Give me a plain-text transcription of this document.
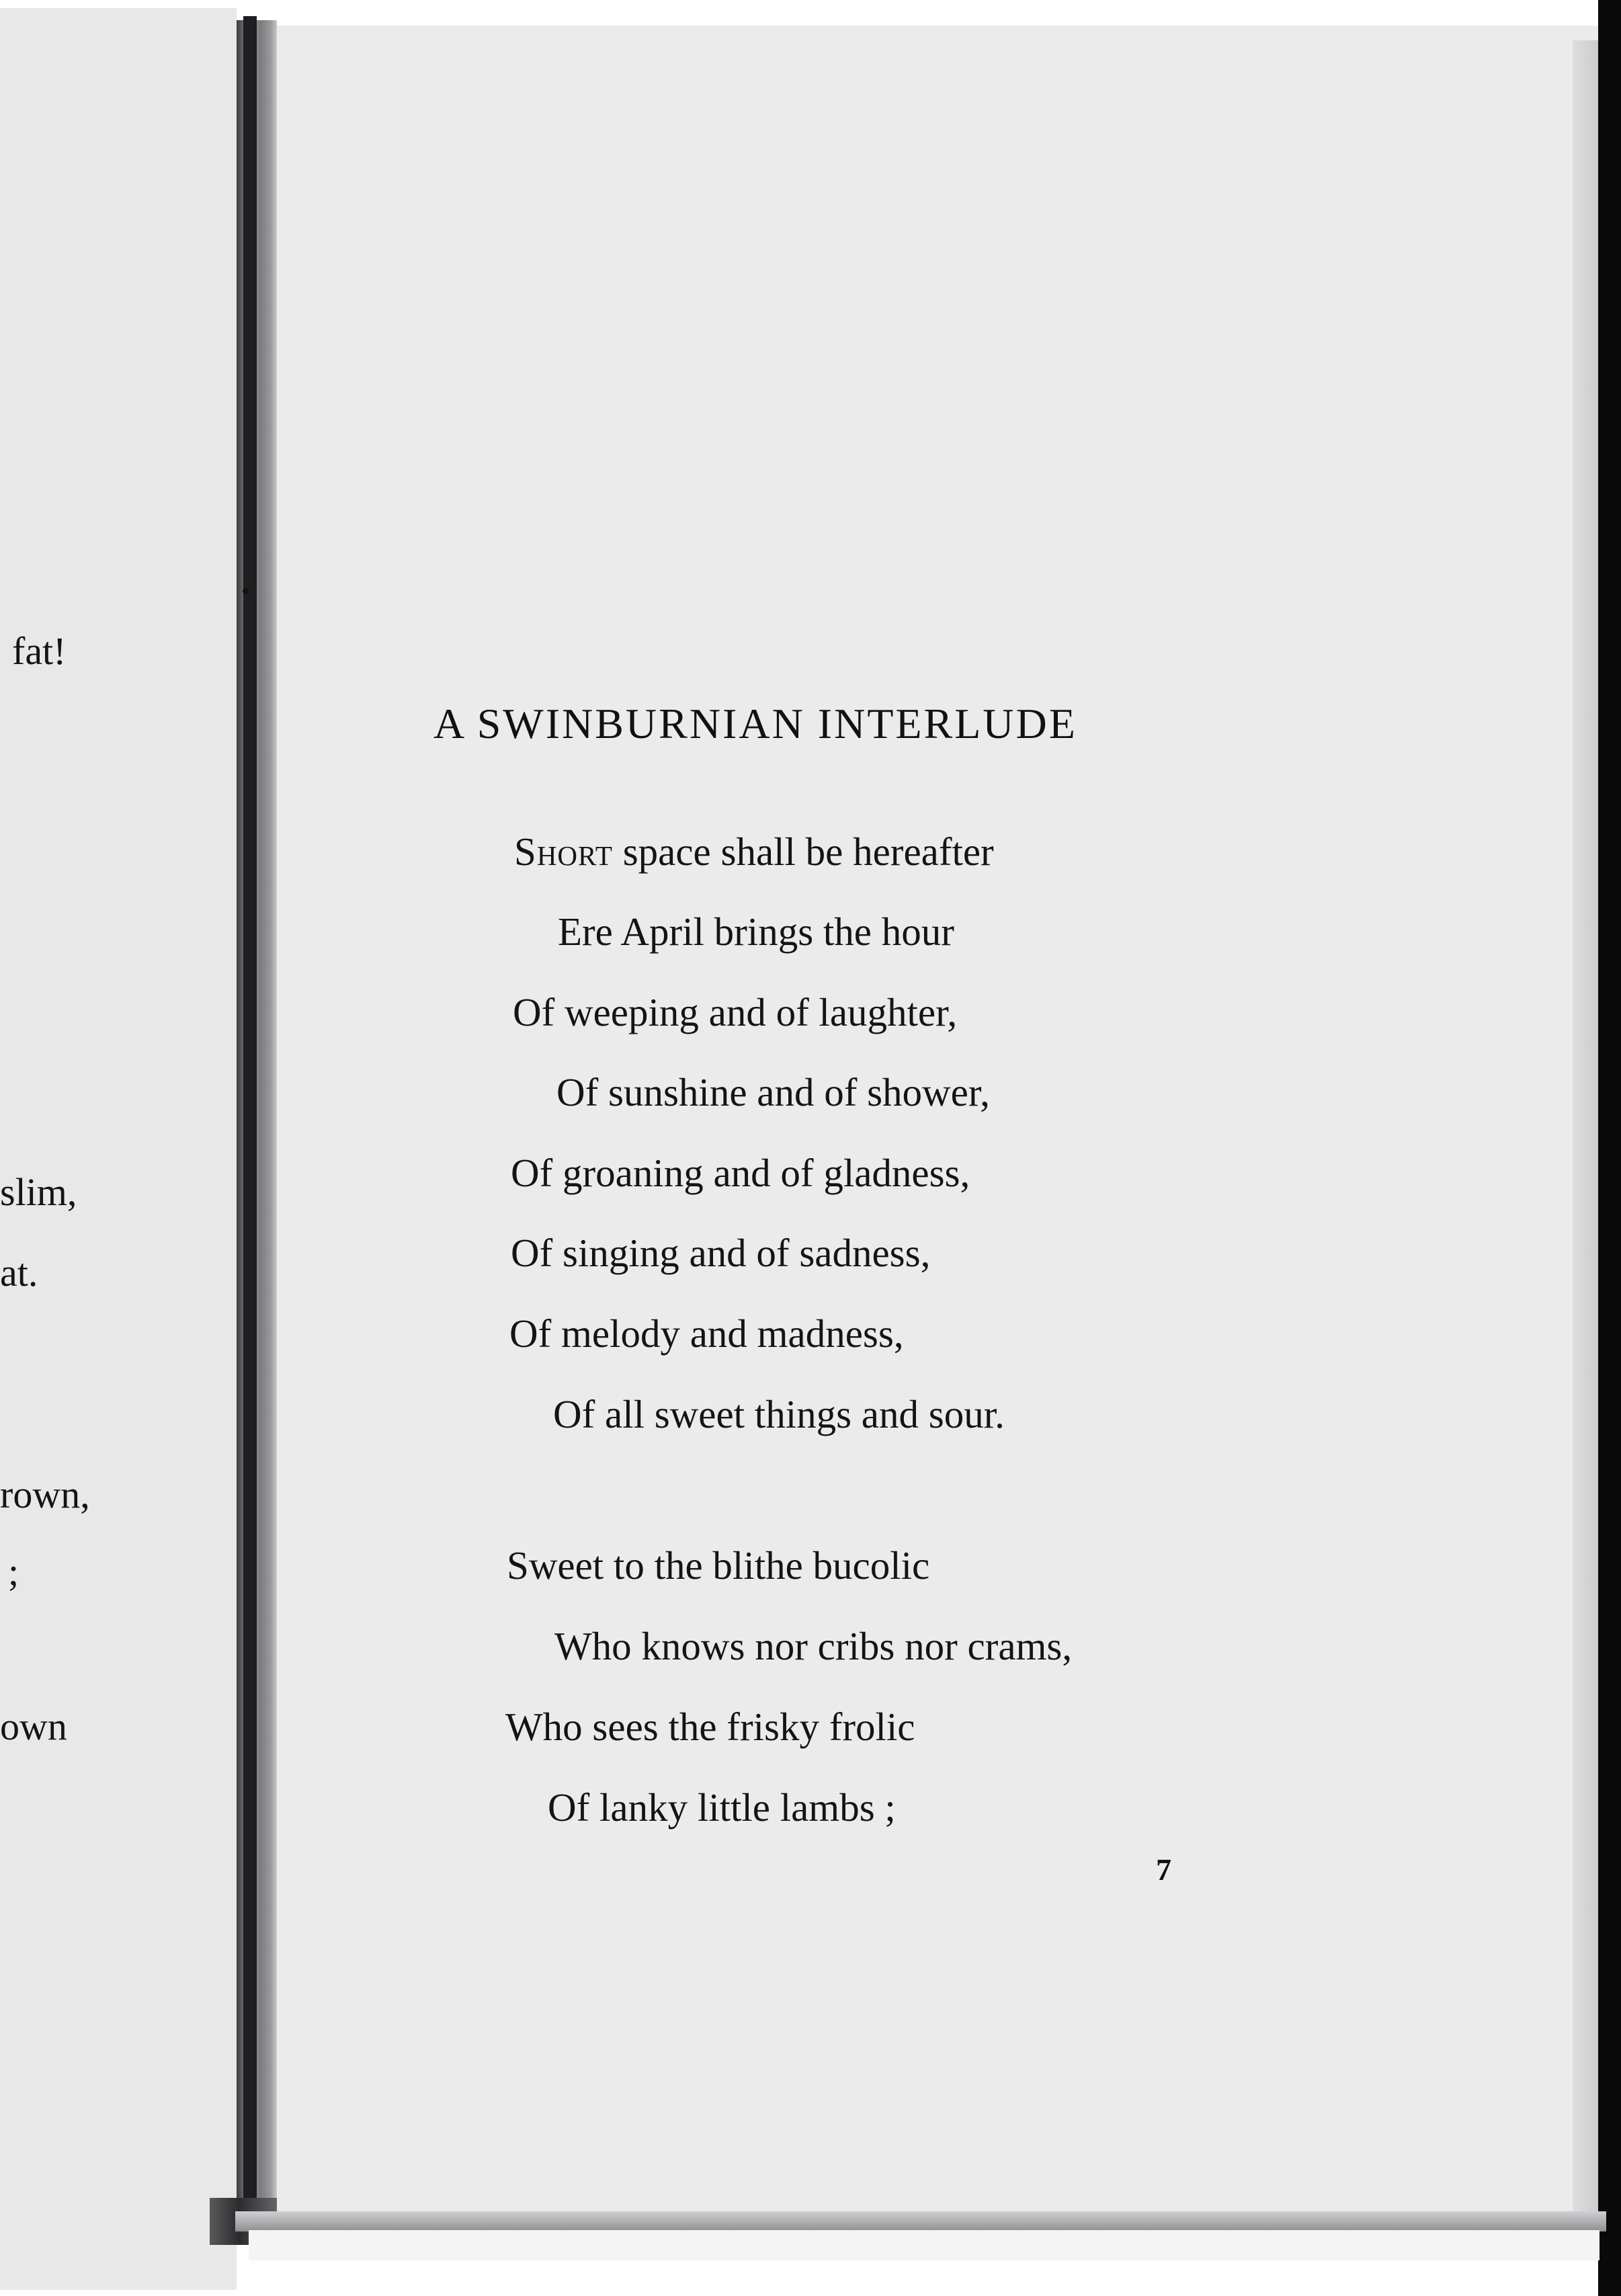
fat!
slim,
at.
rown,
;
own
A SWINBURNIAN INTERLUDE
Short space shall be hereafter
Ere April brings the hour
Of weeping and of laughter,
Of sunshine and of shower,
Of groaning and of gladness,
Of singing and of sadness,
Of melody and madness,
Of all sweet things and sour.
Sweet to the blithe bucolic
Who knows nor cribs nor crams,
Who sees the frisky frolic
Of lanky little lambs ;
7
